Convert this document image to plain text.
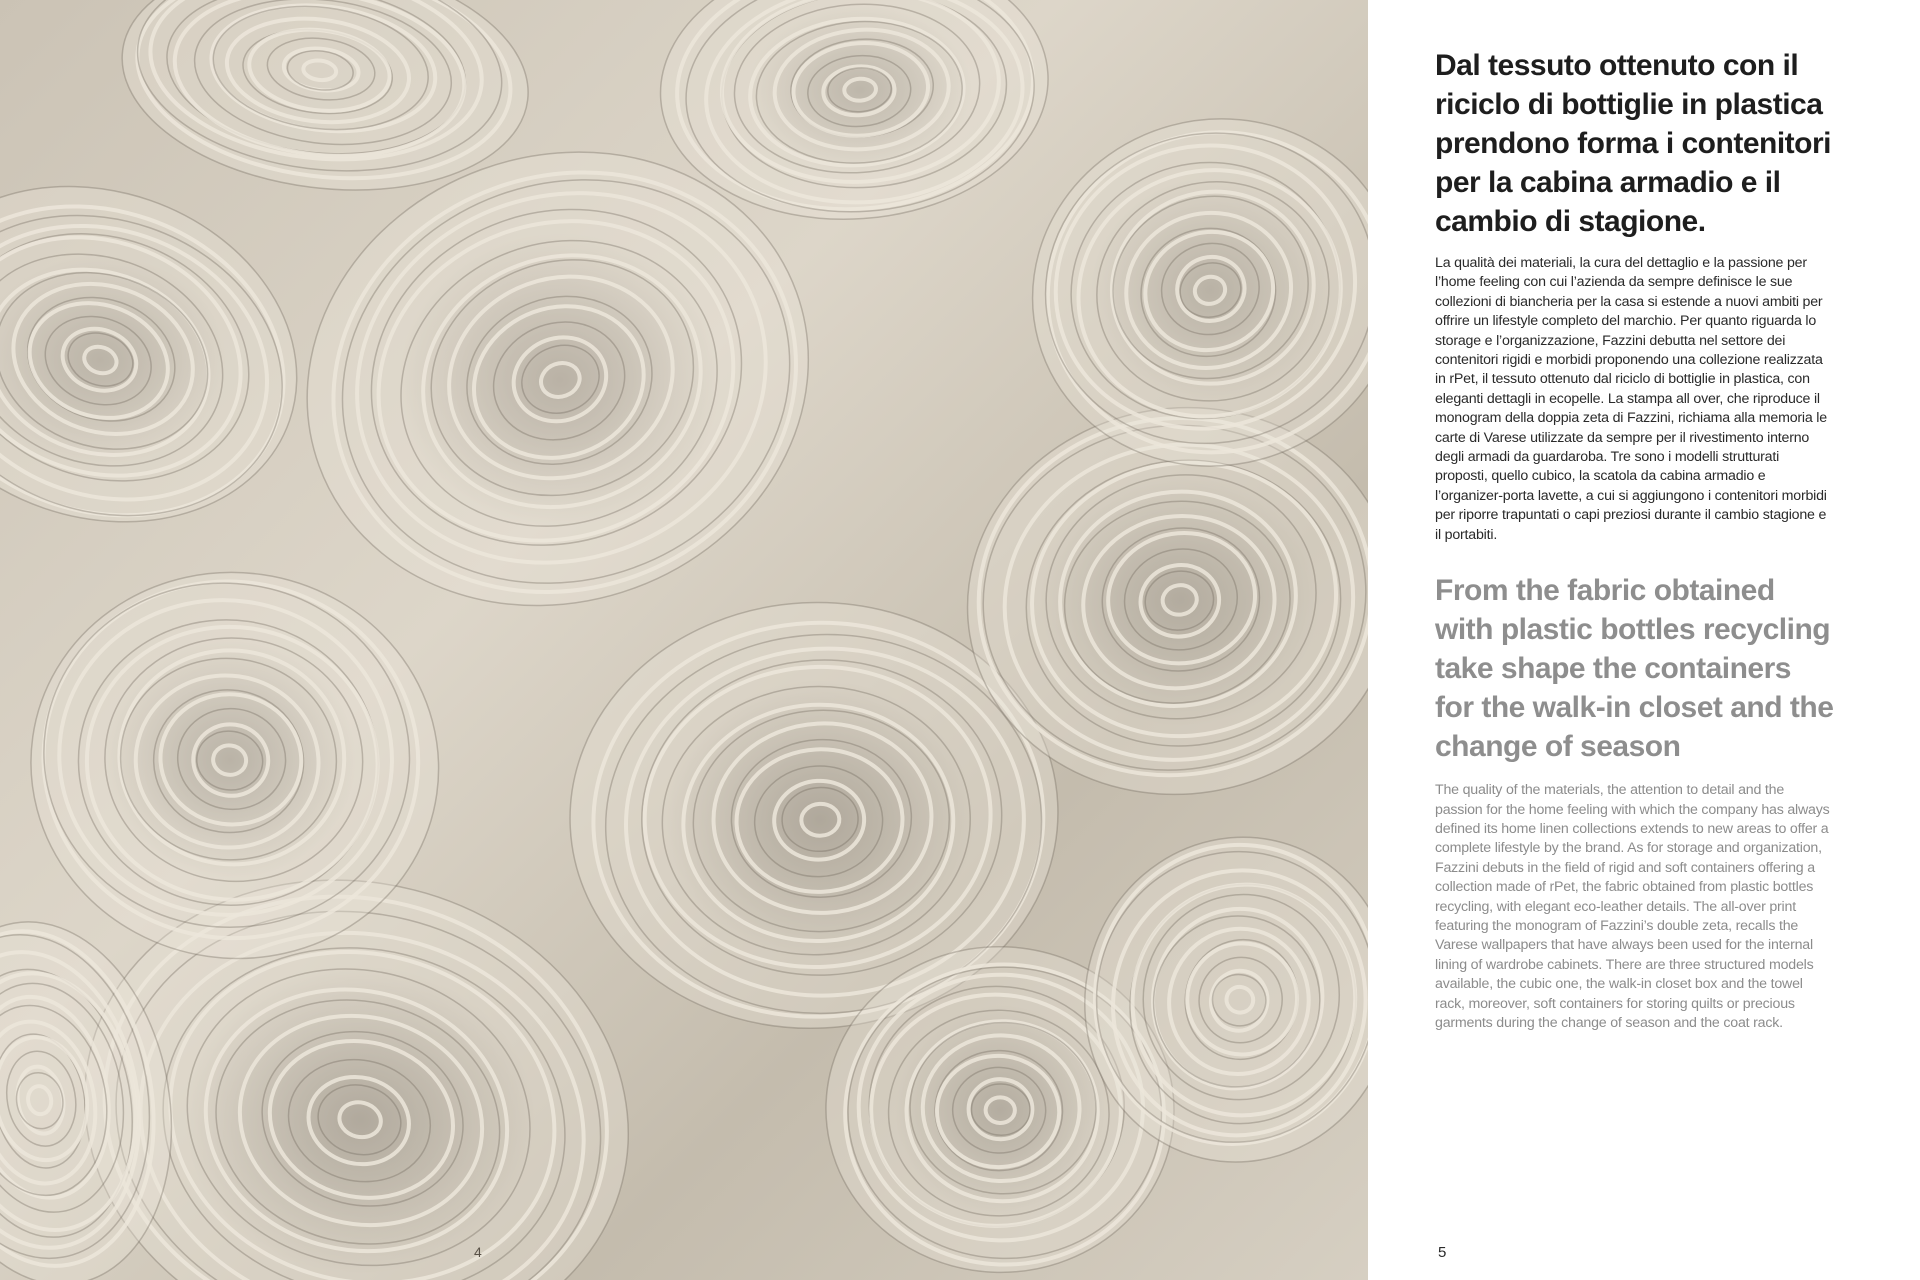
4
Dal tessuto ottenuto con il riciclo di bottiglie in plastica prendono forma i contenitori per la cabina armadio e il cambio di stagione.

La qualità dei materiali, la cura del dettaglio e la passione per l’home feeling con cui l’azienda da sempre definisce le sue collezioni di biancheria per la casa si estende a nuovi ambiti per offrire un lifestyle completo del marchio. Per quanto riguarda lo storage e l’organizzazione, Fazzini debutta nel settore dei contenitori rigidi e morbidi proponendo una collezione realizzata in rPet, il tessuto ottenuto dal riciclo di bottiglie in plastica, con eleganti dettagli in ecopelle. La stampa all over, che riproduce il monogram della doppia zeta di Fazzini, richiama alla memoria le carte di Varese utilizzate da sempre per il rivestimento interno degli armadi da guardaroba. Tre sono i modelli strutturati proposti, quello cubico, la scatola da cabina armadio e l’organizer-porta lavette, a cui si aggiungono i contenitori morbidi per riporre trapuntati o capi preziosi durante il cambio stagione e il portabiti.

From the fabric obtained with plastic bottles recycling take shape the containers for the walk-in closet and the change of season

The quality of the materials, the attention to detail and the passion for the home feeling with which the company has always defined its home linen collections extends to new areas to offer a complete lifestyle by the brand. As for storage and organization, Fazzini debuts in the field of rigid and soft containers offering a collection made of rPet, the fabric obtained from plastic bottles recycling, with elegant eco-leather details. The all-over print featuring the monogram of Fazzini’s double zeta, recalls the Varese wallpapers that have always been used for the internal lining of wardrobe cabinets. There are three structured models available, the cubic one, the walk-in closet box and the towel rack, moreover, soft containers for storing quilts or precious garments during the change of season and the coat rack.

5
